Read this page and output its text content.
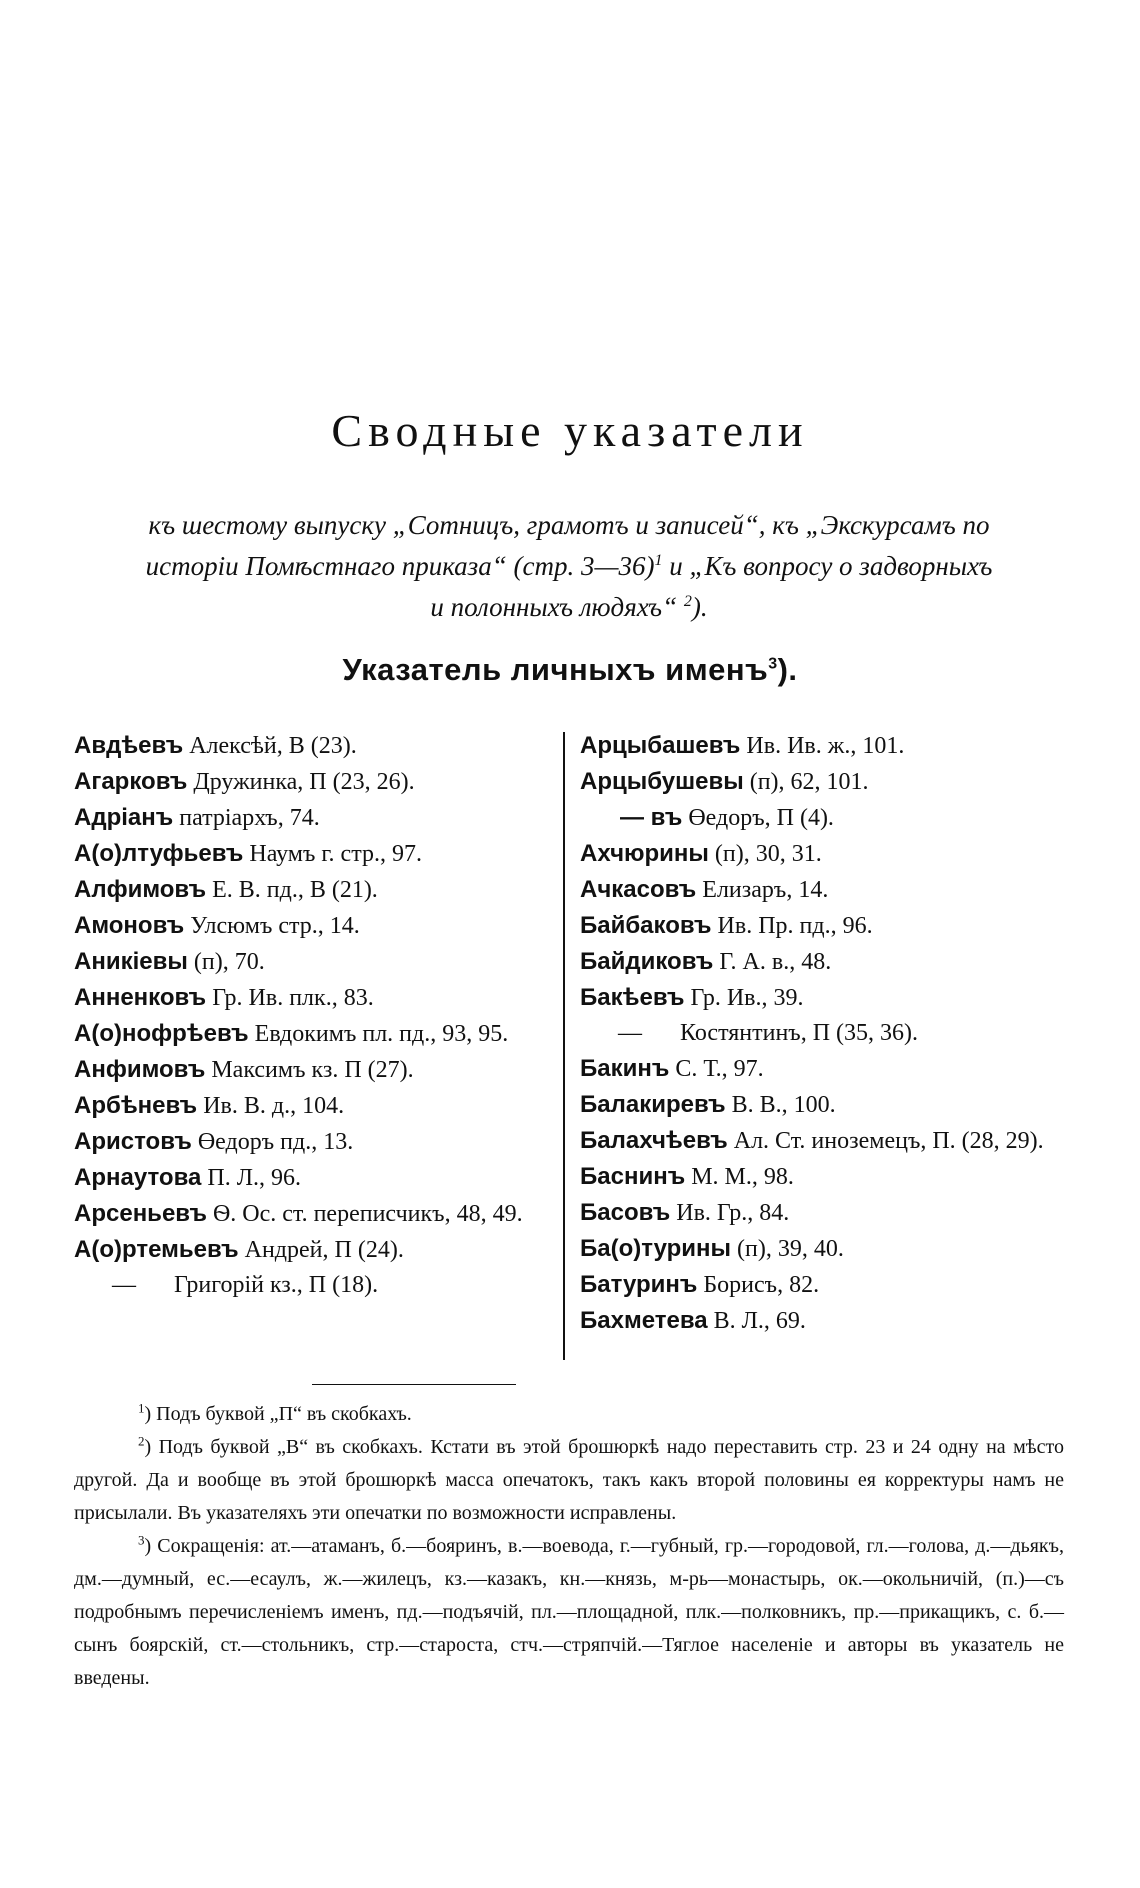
Сводные указатели
къ шестому выпуску „Сотницъ, грамотъ и записей“, къ „Экскурсамъ по
исторіи Помѣстнаго приказа“ (стр. 3—36)$^1$ и „Къ вопросу о задворныхъ
и полонныхъ людяхъ“ $^2$).
Указатель личныхъ именъ$^3$).
Авдѣевъ Алексѣй, В (23).
Агарковъ Дружинка, П (23, 26).
Адріанъ патріархъ, 74.
А(о)лтуфьевъ Наумъ г. стр., 97.
Алфимовъ Е. В. пд., В (21).
Амоновъ Улсюмъ стр., 14.
Аникіевы (п), 70.
Анненковъ Гр. Ив. плк., 83.
А(о)нофрѣевъ Евдокимъ пл. пд., 93, 95.
Анфимовъ Максимъ кз. П (27).
Арбѣневъ Ив. В. д., 104.
Аристовъ Өедоръ пд., 13.
Арнаутова П. Л., 96.
Арсеньевъ Ѳ. Ос. ст. переписчикъ, 48, 49.
А(о)ртемьевъ Андрей, П (24).
— Григорій кз., П (18).
Арцыбашевъ Ив. Ив. ж., 101.
Арцыбушевы (п), 62, 101.
— въ Өедоръ, П (4).
Ахчюрины (п), 30, 31.
Ачкасовъ Елизаръ, 14.
Байбаковъ Ив. Пр. пд., 96.
Байдиковъ Г. А. в., 48.
Бакѣевъ Гр. Ив., 39.
— Костянтинъ, П (35, 36).
Бакинъ С. Т., 97.
Балакиревъ В. В., 100.
Балахчѣевъ Ал. Ст. иноземецъ, П. (28, 29).
Баснинъ М. М., 98.
Басовъ Ив. Гр., 84.
Ба(о)турины (п), 39, 40.
Батуринъ Борисъ, 82.
Бахметева В. Л., 69.

$^1$) Подъ буквой „П“ въ скобкахъ.

$^2$) Подъ буквой „В“ въ скобкахъ. Кстати въ этой брошюркѣ надо переставить стр. 23 и 24 одну на мѣсто другой. Да и вообще въ этой брошюркѣ масса опечатокъ, такъ какъ второй половины ея корректуры намъ не присылали. Въ указателяхъ эти опечатки по возможности исправлены.

$^3$) Сокращенія: ат.—атаманъ, б.—бояринъ, в.—воевода, г.—губный, гр.—городовой, гл.—голова, д.—дьякъ, дм.—думный, ес.—есаулъ, ж.—жилецъ, кз.—казакъ, кн.—князь, м-рь—монастырь, ок.—окольничій, (п.)—съ подробнымъ перечисленіемъ именъ, пд.—подъячій, пл.—площадной, плк.—полковникъ, пр.—прикащикъ, с. б.—сынъ боярскій, ст.—стольникъ, стр.—староста, стч.—стряпчій.—Тяглое населеніе и авторы въ указатель не введены.
